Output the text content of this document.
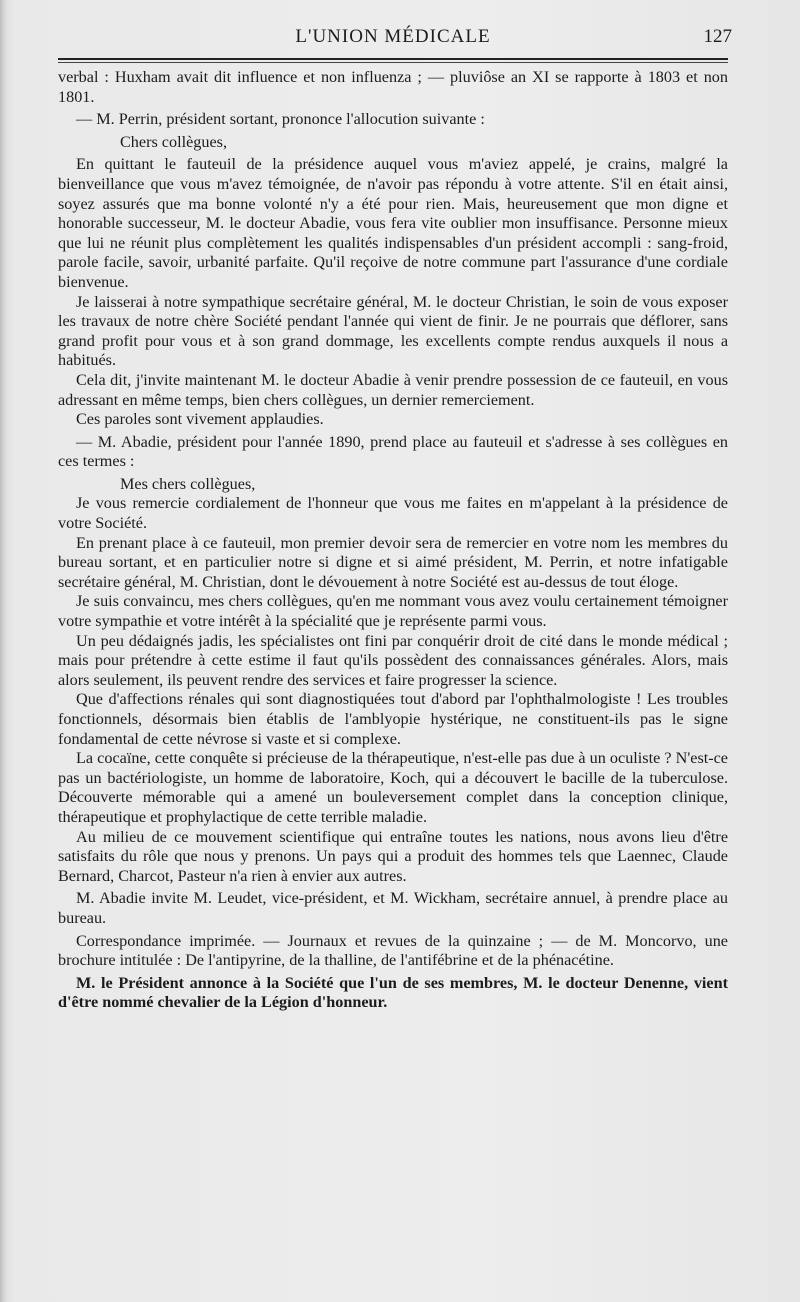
L'UNION MÉDICALE	127

verbal : Huxham avait dit influence et non influenza ; — pluviôse an XI se rapporte à 1803 et non 1801.

— M. Perrin, président sortant, prononce l'allocution suivante :

Chers collègues,

En quittant le fauteuil de la présidence auquel vous m'aviez appelé, je crains, malgré la bienveillance que vous m'avez témoignée, de n'avoir pas répondu à votre attente. S'il en était ainsi, soyez assurés que ma bonne volonté n'y a été pour rien. Mais, heureusement que mon digne et honorable successeur, M. le docteur Abadie, vous fera vite oublier mon insuffisance. Personne mieux que lui ne réunit plus complètement les qualités indispensables d'un président accompli : sang-froid, parole facile, savoir, urbanité parfaite. Qu'il reçoive de notre commune part l'assurance d'une cordiale bienvenue.

Je laisserai à notre sympathique secrétaire général, M. le docteur Christian, le soin de vous exposer les travaux de notre chère Société pendant l'année qui vient de finir. Je ne pourrais que déflorer, sans grand profit pour vous et à son grand dommage, les excellents compte rendus auxquels il nous a habitués.

Cela dit, j'invite maintenant M. le docteur Abadie à venir prendre possession de ce fauteuil, en vous adressant en même temps, bien chers collègues, un dernier remerciement.

Ces paroles sont vivement applaudies.

— M. Abadie, président pour l'année 1890, prend place au fauteuil et s'adresse à ses collègues en ces termes :

Mes chers collègues,

Je vous remercie cordialement de l'honneur que vous me faites en m'appelant à la présidence de votre Société.

En prenant place à ce fauteuil, mon premier devoir sera de remercier en votre nom les membres du bureau sortant, et en particulier notre si digne et si aimé président, M. Perrin, et notre infatigable secrétaire général, M. Christian, dont le dévouement à notre Société est au-dessus de tout éloge.

Je suis convaincu, mes chers collègues, qu'en me nommant vous avez voulu certainement témoigner votre sympathie et votre intérêt à la spécialité que je représente parmi vous.

Un peu dédaignés jadis, les spécialistes ont fini par conquérir droit de cité dans le monde médical ; mais pour prétendre à cette estime il faut qu'ils possèdent des connaissances générales. Alors, mais alors seulement, ils peuvent rendre des services et faire progresser la science.

Que d'affections rénales qui sont diagnostiquées tout d'abord par l'ophthalmologiste ! Les troubles fonctionnels, désormais bien établis de l'amblyopie hystérique, ne constituent-ils pas le signe fondamental de cette névrose si vaste et si complexe.

La cocaïne, cette conquête si précieuse de la thérapeutique, n'est-elle pas due à un oculiste ? N'est-ce pas un bactériologiste, un homme de laboratoire, Koch, qui a découvert le bacille de la tuberculose. Découverte mémorable qui a amené un bouleversement complet dans la conception clinique, thérapeutique et prophylactique de cette terrible maladie.

Au milieu de ce mouvement scientifique qui entraîne toutes les nations, nous avons lieu d'être satisfaits du rôle que nous y prenons. Un pays qui a produit des hommes tels que Laennec, Claude Bernard, Charcot, Pasteur n'a rien à envier aux autres.

M. Abadie invite M. Leudet, vice-président, et M. Wickham, secrétaire annuel, à prendre place au bureau.

Correspondance imprimée. — Journaux et revues de la quinzaine ; — de M. Moncorvo, une brochure intitulée : De l'antipyrine, de la thalline, de l'antifébrine et de la phénacétine.

M. le Président annonce à la Société que l'un de ses membres, M. le docteur Denenne, vient d'être nommé chevalier de la Légion d'honneur.
